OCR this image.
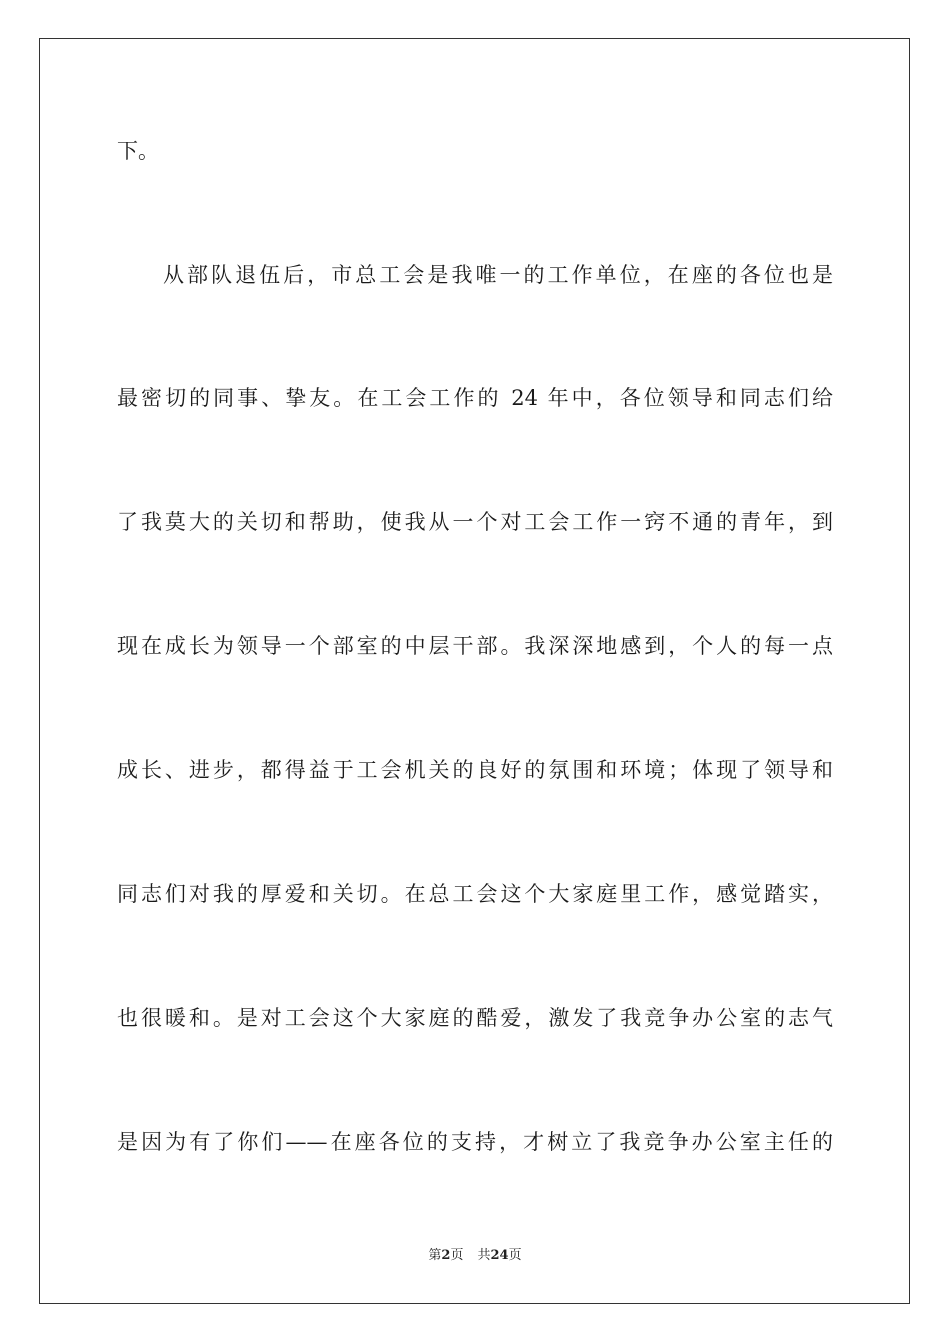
下。
从部队退伍后，市总工会是我唯一的工作单位，在座的各位也是
最密切的同事、挚友。在工会工作的 24 年中，各位领导和同志们给
了我莫大的关切和帮助，使我从一个对工会工作一窍不通的青年，到
现在成长为领导一个部室的中层干部。我深深地感到，个人的每一点
成长、进步，都得益于工会机关的良好的氛围和环境；体现了领导和
同志们对我的厚爱和关切。在总工会这个大家庭里工作，感觉踏实，
也很暖和。是对工会这个大家庭的酷爱，激发了我竞争办公室的志气
是因为有了你们——在座各位的支持，才树立了我竞争办公室主任的
第2页 共24页
